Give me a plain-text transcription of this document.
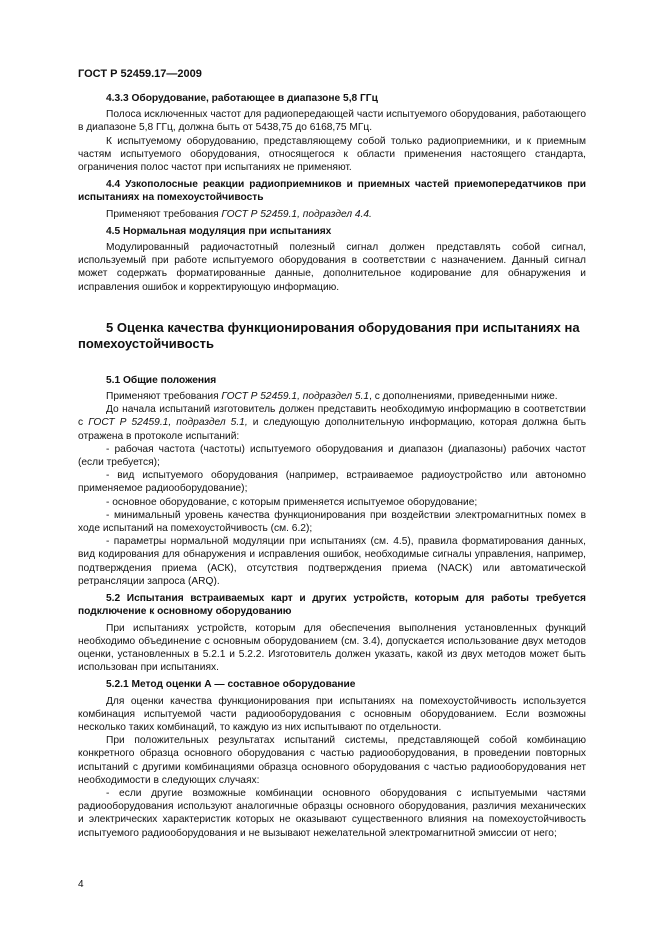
ГОСТ Р 52459.17—2009

4.3.3 Оборудование, работающее в диапазоне 5,8 ГГц

Полоса исключенных частот для радиопередающей части испытуемого оборудования, работающего в диапазоне 5,8 ГГц, должна быть от 5438,75 до 6168,75 МГц.

К испытуемому оборудованию, представляющему собой только радиоприемники, и к приемным частям испытуемого оборудования, относящегося к области применения настоящего стандарта, ограничения полос частот при испытаниях не применяют.

4.4 Узкополосные реакции радиоприемников и приемных частей приемопередатчиков при испытаниях на помехоустойчивость

Применяют требования ГОСТ Р 52459.1, подраздел 4.4.

4.5 Нормальная модуляция при испытаниях

Модулированный радиочастотный полезный сигнал должен представлять собой сигнал, используемый при работе испытуемого оборудования в соответствии с назначением. Данный сигнал может содержать форматированные данные, дополнительное кодирование для обнаружения и исправления ошибок и корректирующую информацию.

5 Оценка качества функционирования оборудования при испытаниях на помехоустойчивость

5.1 Общие положения

Применяют требования ГОСТ Р 52459.1, подраздел 5.1, с дополнениями, приведенными ниже.

До начала испытаний изготовитель должен представить необходимую информацию в соответствии с ГОСТ Р 52459.1, подраздел 5.1, и следующую дополнительную информацию, которая должна быть отражена в протоколе испытаний:

- рабочая частота (частоты) испытуемого оборудования и диапазон (диапазоны) рабочих частот (если требуется);

- вид испытуемого оборудования (например, встраиваемое радиоустройство или автономно применяемое радиооборудование);

- основное оборудование, с которым применяется испытуемое оборудование;

- минимальный уровень качества функционирования при воздействии электромагнитных помех в ходе испытаний на помехоустойчивость (см. 6.2);

- параметры нормальной модуляции при испытаниях (см. 4.5), правила форматирования данных, вид кодирования для обнаружения и исправления ошибок, необходимые сигналы управления, например, подтверждения приема (АСК), отсутствия подтверждения приема (NACK) или автоматической ретрансляции запроса (ARQ).

5.2 Испытания встраиваемых карт и других устройств, которым для работы требуется подключение к основному оборудованию

При испытаниях устройств, которым для обеспечения выполнения установленных функций необходимо объединение с основным оборудованием (см. 3.4), допускается использование двух методов оценки, установленных в 5.2.1 и 5.2.2. Изготовитель должен указать, какой из двух методов может быть использован при испытаниях.

5.2.1 Метод оценки А — составное оборудование

Для оценки качества функционирования при испытаниях на помехоустойчивость используется комбинация испытуемой части радиооборудования с основным оборудованием. Если возможны несколько таких комбинаций, то каждую из них испытывают по отдельности.

При положительных результатах испытаний системы, представляющей собой комбинацию конкретного образца основного оборудования с частью радиооборудования, в проведении повторных испытаний с другими комбинациями образца основного оборудования с частью радиооборудования нет необходимости в следующих случаях:

- если другие возможные комбинации основного оборудования с испытуемыми частями радиооборудования используют аналогичные образцы основного оборудования, различия механических и электрических характеристик которых не оказывают существенного влияния на помехоустойчивость испытуемого радиооборудования и не вызывают нежелательной электромагнитной эмиссии от него;

4
